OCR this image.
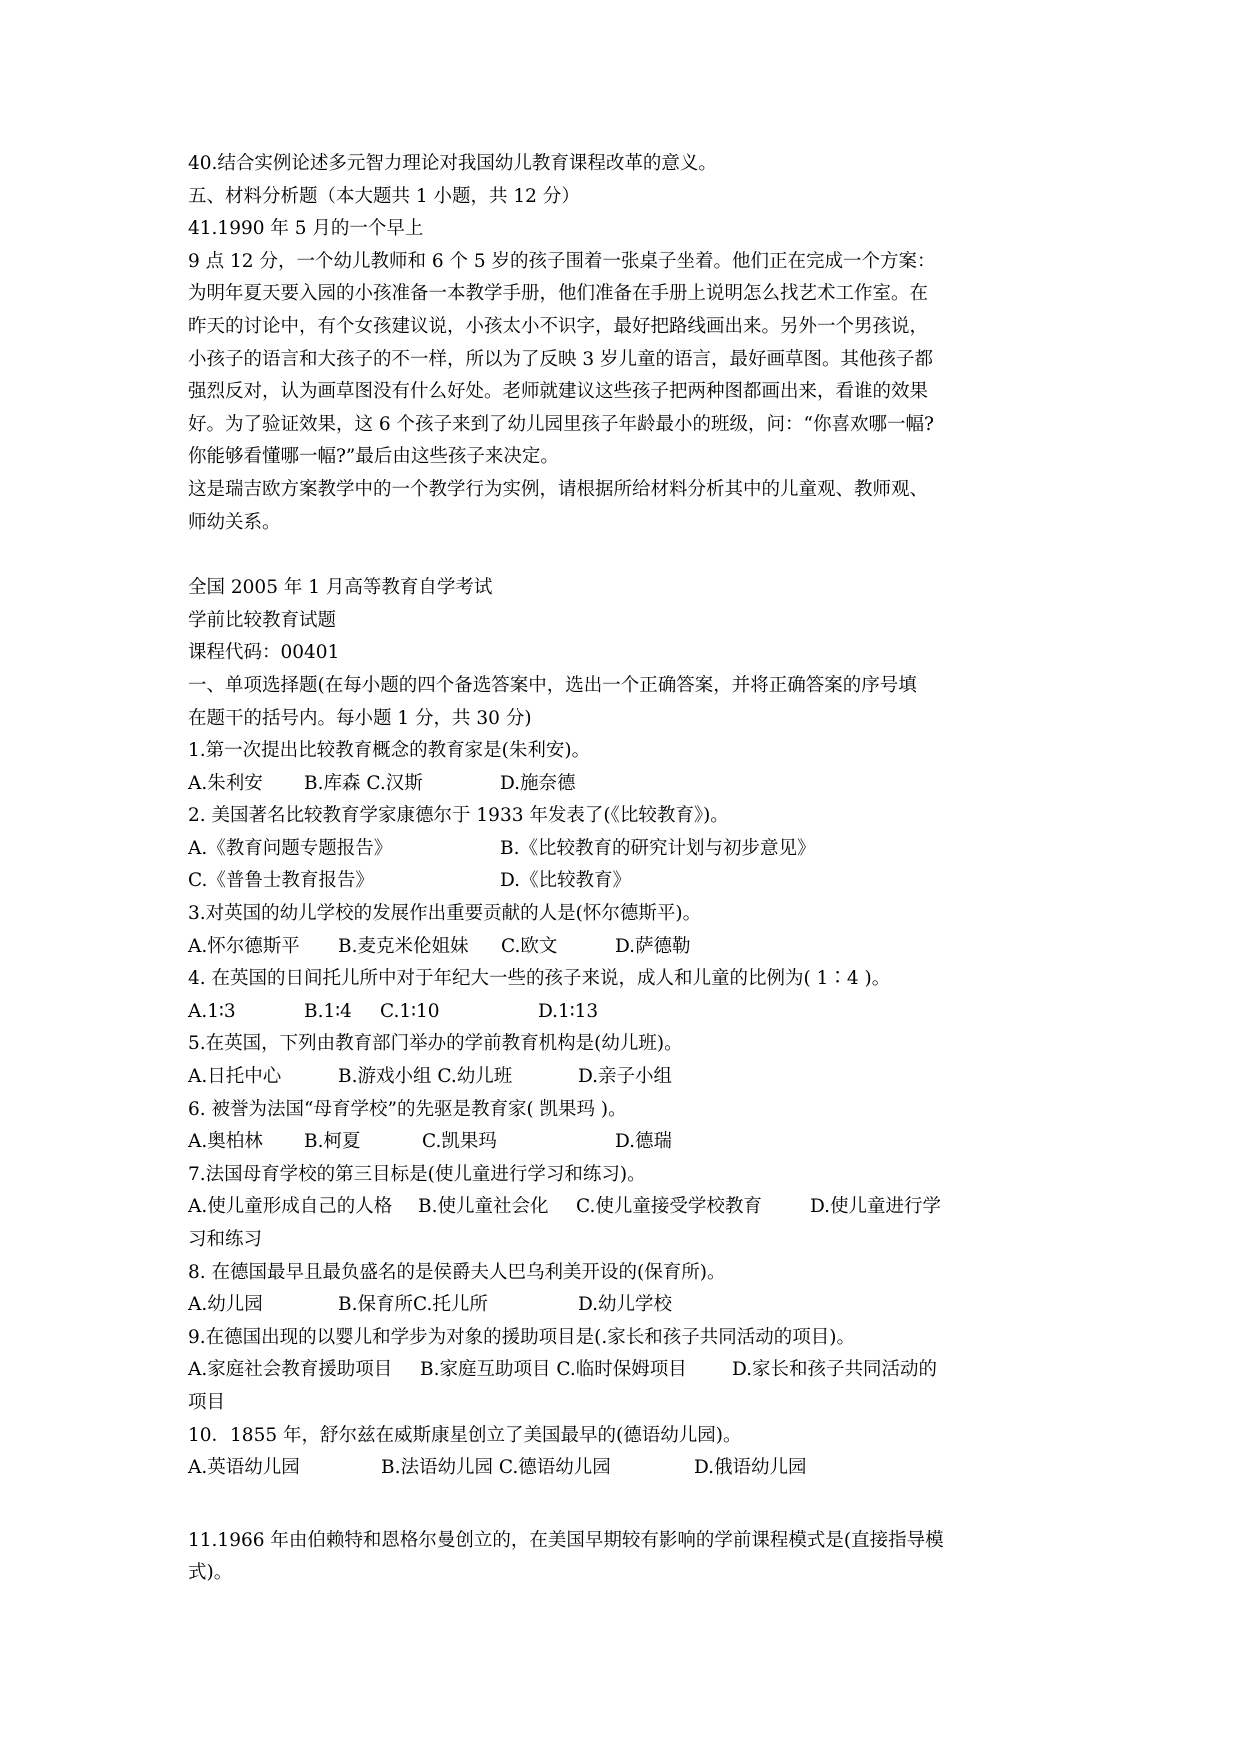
40.结合实例论述多元智力理论对我国幼儿教育课程改革的意义。
五、材料分析题（本大题共 1 小题，共 12 分）
41.1990 年 5 月的一个早上
9 点 12 分，一个幼儿教师和 6 个 5 岁的孩子围着一张桌子坐着。他们正在完成一个方案：
为明年夏天要入园的小孩准备一本教学手册，他们准备在手册上说明怎么找艺术工作室。在
昨天的讨论中，有个女孩建议说，小孩太小不识字，最好把路线画出来。另外一个男孩说，
小孩子的语言和大孩子的不一样，所以为了反映 3 岁儿童的语言，最好画草图。其他孩子都
强烈反对，认为画草图没有什么好处。老师就建议这些孩子把两种图都画出来，看谁的效果
好。为了验证效果，这 6 个孩子来到了幼儿园里孩子年龄最小的班级，问：“你喜欢哪一幅?
你能够看懂哪一幅?”最后由这些孩子来决定。
这是瑞吉欧方案教学中的一个教学行为实例，请根据所给材料分析其中的儿童观、教师观、
师幼关系。
全国 2005 年 1 月高等教育自学考试
学前比较教育试题
课程代码：00401
一、单项选择题(在每小题的四个备选答案中，选出一个正确答案，并将正确答案的序号填
在题干的括号内。每小题 1 分，共 30 分)
1.第一次提出比较教育概念的教育家是(朱利安)。
A.朱利安 B.库森 C.汉斯	D.施奈德
2. 美国著名比较教育学家康德尔于 1933 年发表了(《比较教育》)。
A.《教育问题专题报告》	B.《比较教育的研究计划与初步意见》
C.《普鲁士教育报告》	D.《比较教育》
3.对英国的幼儿学校的发展作出重要贡献的人是(怀尔德斯平)。
A.怀尔德斯平 B.麦克米伦姐妹 C.欧文	D.萨德勒
4. 在英国的日间托儿所中对于年纪大一些的孩子来说，成人和儿童的比例为( 1∶4 )。
A.1∶3	B.1∶4 C.1∶10	D.1∶13
5.在英国，下列由教育部门举办的学前教育机构是(幼儿班)。
A.日托中心	B.游戏小组 C.幼儿班	D.亲子小组
6. 被誉为法国“母育学校”的先驱是教育家( 凯果玛 )。
A.奥柏林 B.柯夏	C.凯果玛	D.德瑞
7.法国母育学校的第三目标是(使儿童进行学习和练习)。
A.使儿童形成自己的人格 B.使儿童社会化 C.使儿童接受学校教育	D.使儿童进行学
习和练习
8. 在德国最早且最负盛名的是侯爵夫人巴乌利美开设的(保育所)。
A.幼儿园	B.保育所C.托儿所	D.幼儿学校
9.在德国出现的以婴儿和学步为对象的援助项目是(.家长和孩子共同活动的项目)。
A.家庭社会教育援助项目 B.家庭互助项目 C.临时保姆项目 D.家长和孩子共同活动的
项目
10．1855 年，舒尔兹在威斯康星创立了美国最早的(德语幼儿园)。
A.英语幼儿园	B.法语幼儿园 C.德语幼儿园	D.俄语幼儿园
11.1966 年由伯赖特和恩格尔曼创立的，在美国早期较有影响的学前课程模式是(直接指导模
式)。
